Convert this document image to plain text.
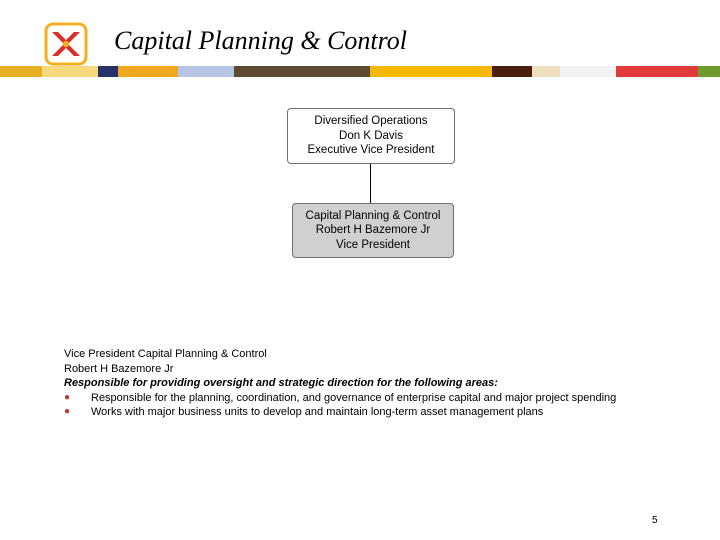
Capital Planning & Control
Diversified Operations
Don K Davis
Executive Vice President
Capital Planning & Control
Robert H Bazemore Jr
Vice President
Vice President Capital Planning & Control
Robert H Bazemore Jr
Responsible for providing oversight and strategic direction for the following areas:
● Responsible for the planning, coordination, and governance of enterprise capital and major project spending
● Works with major business units to develop and maintain long-term asset management plans
5
